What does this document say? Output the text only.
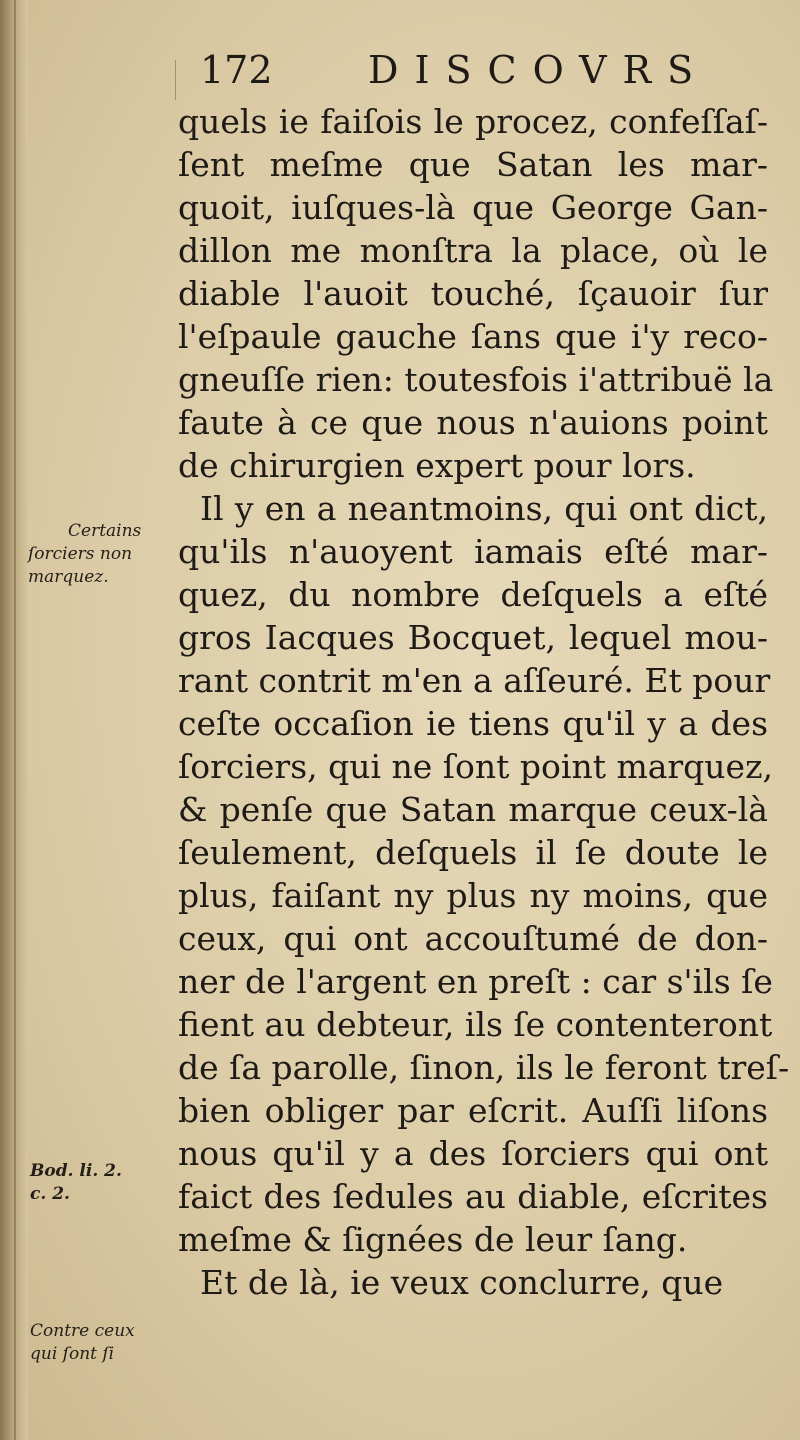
172	DISCOVRS
quels ie faiſois le procez, confeſſaſ-
ſent meſme que Satan les mar-
quoit, iuſques-là que George Gan-
dillon me monſtra la place, où le
diable l'auoit touché, ſçauoir ſur
l'eſpaule gauche ſans que i'y reco-
gneuſſe rien: toutesfois i'attribuë la
faute à ce que nous n'auions point
de chirurgien expert pour lors.
Il y en a neantmoins, qui ont dict,
qu'ils n'auoyent iamais eſté mar-
quez, du nombre deſquels a eſté
gros Iacques Bocquet, lequel mou-
rant contrit m'en a aſſeuré. Et pour
ceſte occaſion ie tiens qu'il y a des
ſorciers, qui ne ſont point marquez,
& penſe que Satan marque ceux-là
ſeulement, deſquels il ſe doute le
plus, faiſant ny plus ny moins, que
ceux, qui ont accouſtumé de don-
ner de l'argent en preſt : car s'ils ſe
fient au debteur, ils ſe contenteront
de ſa parolle, ſinon, ils le feront treſ-
bien obliger par eſcrit. Auſſi liſons
nous qu'il y a des ſorciers qui ont
faict des ſedules au diable, eſcrites
meſme & ſignées de leur ſang.
Et de là, ie veux conclurre, que
Certains
ſorciers non
marquez.
Bod. li. 2.
c. 2.
Contre ceux
qui ſont ſi
